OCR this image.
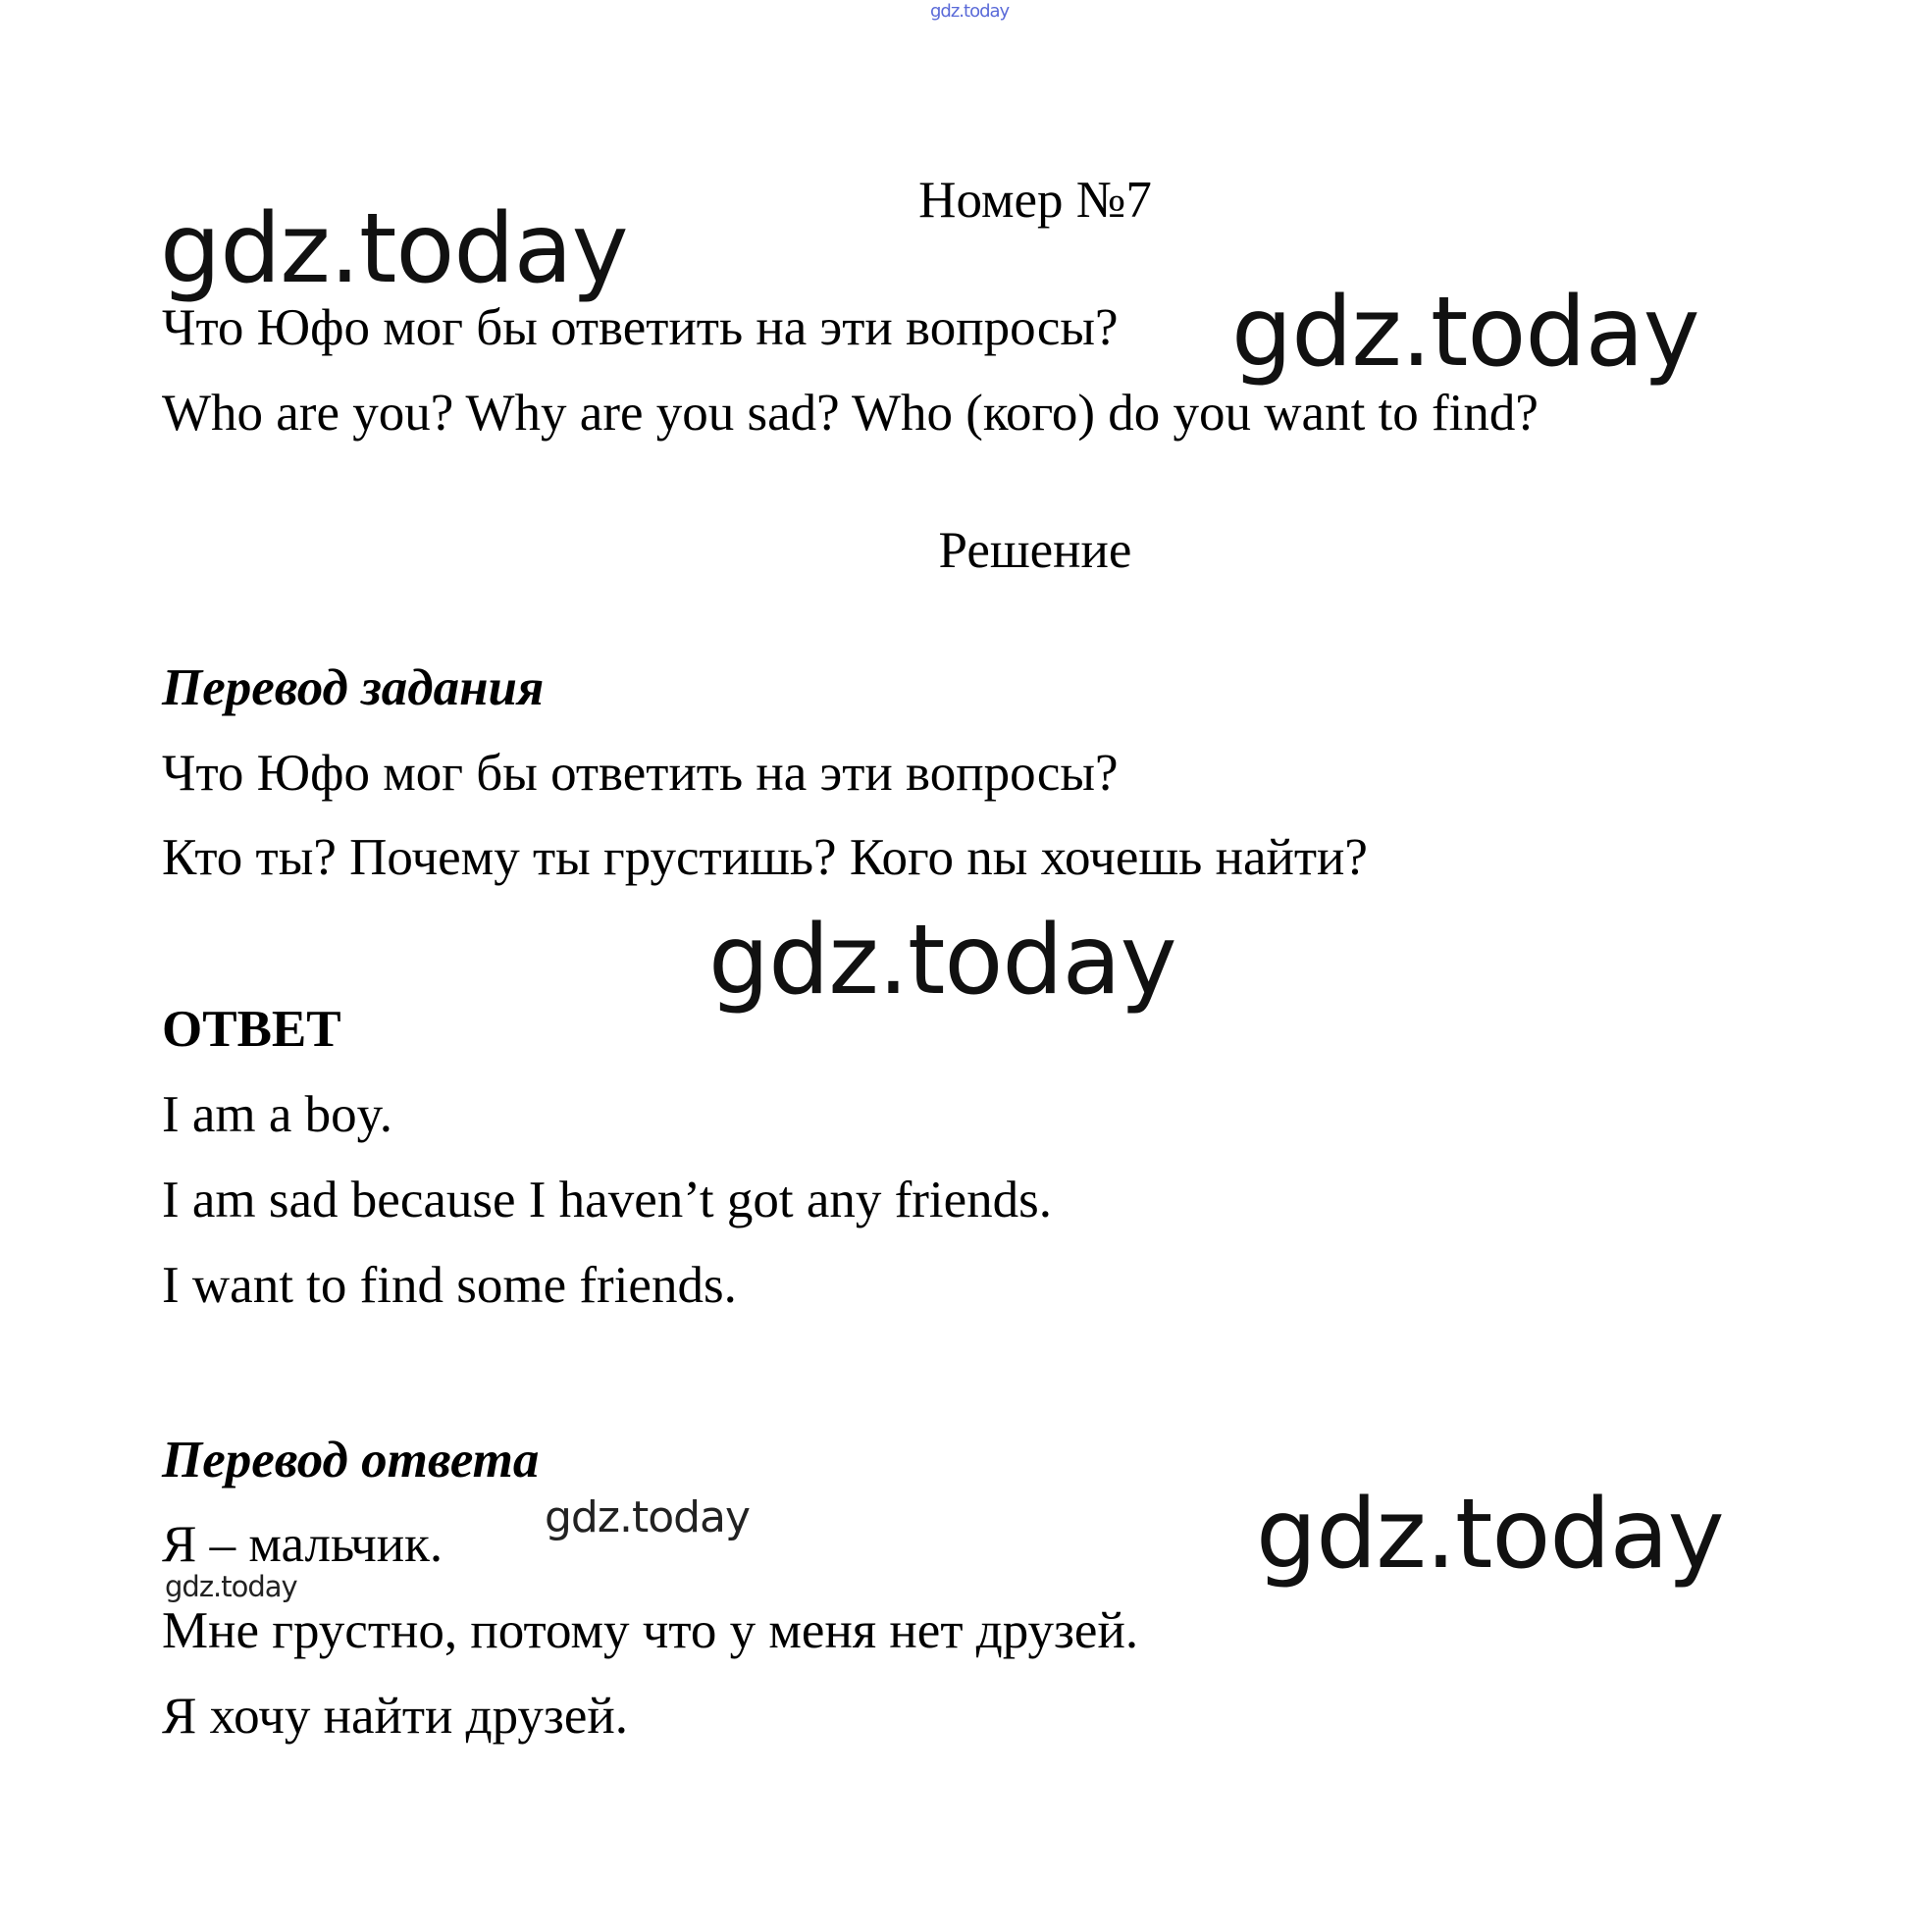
gdz.today
Номер №7
gdz.today
Что Юфо мог бы ответить на эти вопросы? gdz.today
Who are you? Why are you sad? Who (кого) do you want to find?
Решение
Перевод задания
Что Юфо мог бы ответить на эти вопросы?
Кто ты? Почему ты грустишь? Кого nы хочешь найти?
gdz.today
ОТВЕТ
I am a boy.
I am sad because I haven’t got any friends.
I want to find some friends.
Перевод ответа
Я – мальчик. gdz.today	gdz.today
gdz.today
Мне грустно, потому что у меня нет друзей.
Я хочу найти друзей.
